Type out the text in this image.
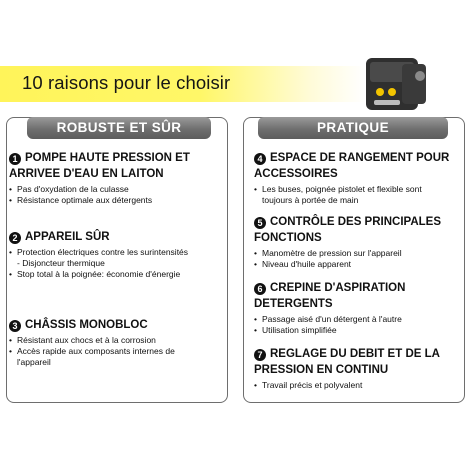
10 raisons pour le choisir
ROBUSTE ET SÛR
1 POMPE HAUTE PRESSION ET
ARRIVEE D'EAU EN LAITON
• Pas d'oxydation de la culasse
• Résistance optimale aux détergents
2 APPAREIL SÛR
• Protection électriques contre les surintensités
- Disjoncteur thermique
• Stop total à la poignée: économie d'énergie
3 CHÂSSIS MONOBLOC
• Résistant aux chocs et à la corrosion
• Accès rapide aux composants internes de
l'appareil
PRATIQUE
4 ESPACE DE RANGEMENT POUR
ACCESSOIRES
• Les buses, poignée pistolet et flexible sont
toujours à portée de main
5 CONTRÔLE DES PRINCIPALES
FONCTIONS
• Manomètre de pression sur l'appareil
• Niveau d'huile apparent
6 CREPINE D'ASPIRATION
DETERGENTS
• Passage aisé d'un détergent à l'autre
• Utilisation simplifiée
7 REGLAGE DU DEBIT ET DE LA
PRESSION EN CONTINU
• Travail précis et polyvalent
